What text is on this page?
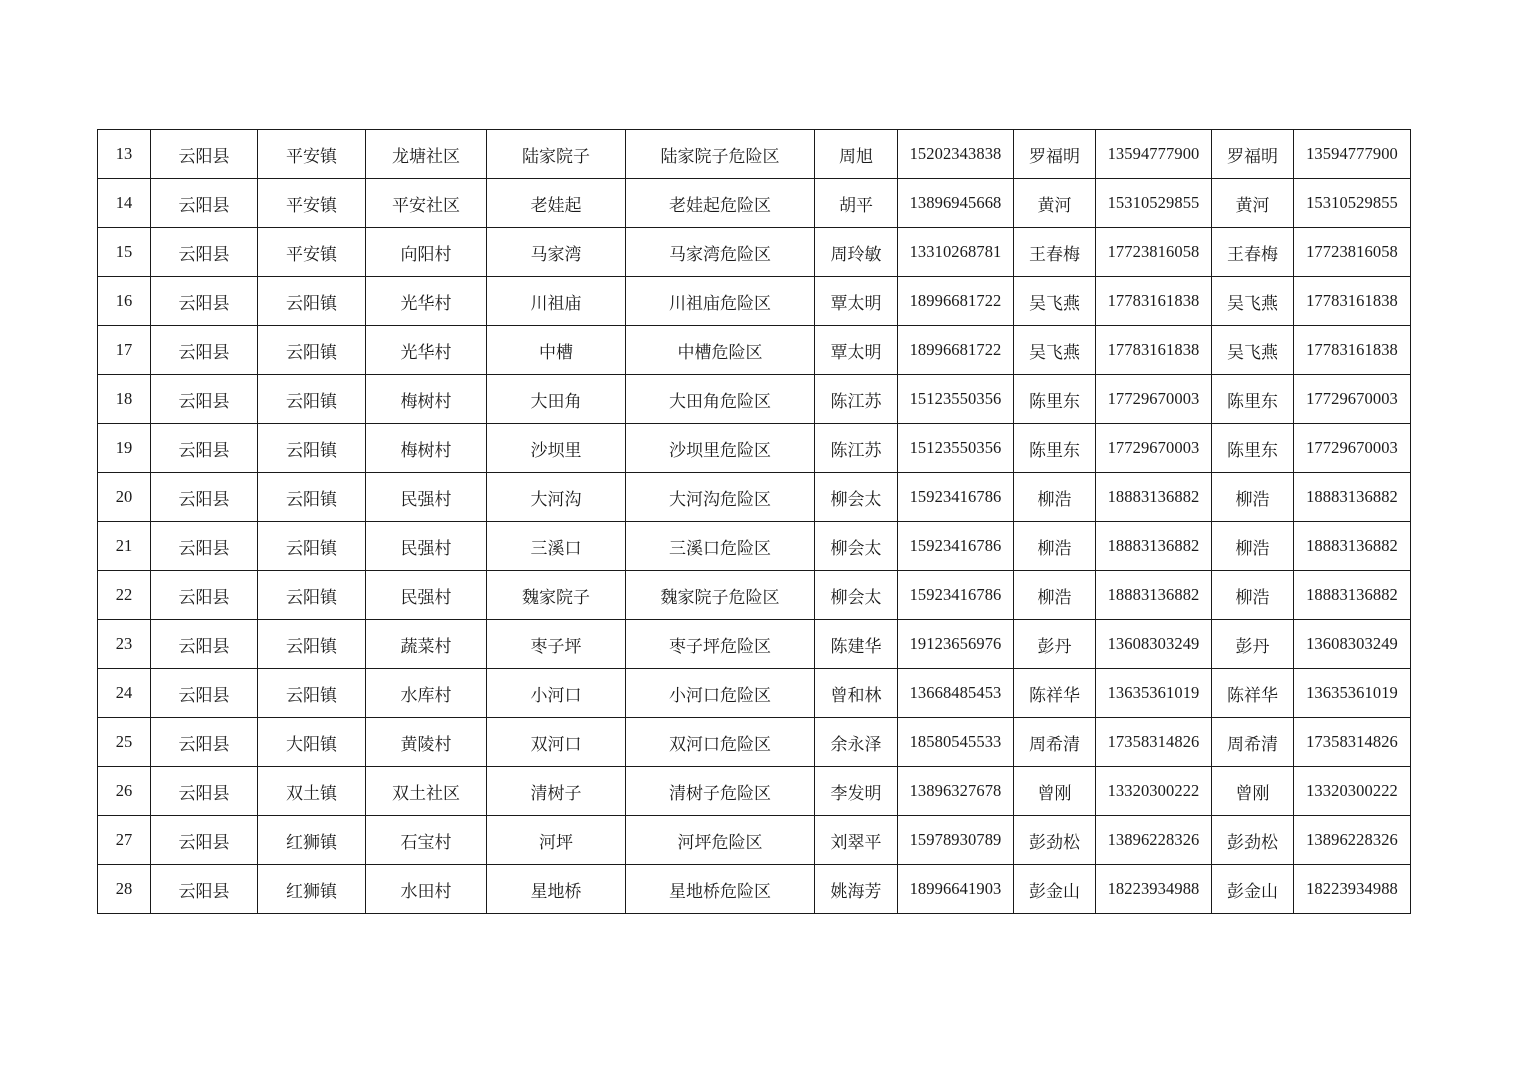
13	云阳县	平安镇	龙塘社区	陆家院子	陆家院子危险区	周旭	15202343838	罗福明	13594777900	罗福明	13594777900
14	云阳县	平安镇	平安社区	老娃起	老娃起危险区	胡平	13896945668	黄河	15310529855	黄河	15310529855
15	云阳县	平安镇	向阳村	马家湾	马家湾危险区	周玲敏	13310268781	王春梅	17723816058	王春梅	17723816058
16	云阳县	云阳镇	光华村	川祖庙	川祖庙危险区	覃太明	18996681722	吴飞燕	17783161838	吴飞燕	17783161838
17	云阳县	云阳镇	光华村	中槽	中槽危险区	覃太明	18996681722	吴飞燕	17783161838	吴飞燕	17783161838
18	云阳县	云阳镇	梅树村	大田角	大田角危险区	陈江苏	15123550356	陈里东	17729670003	陈里东	17729670003
19	云阳县	云阳镇	梅树村	沙坝里	沙坝里危险区	陈江苏	15123550356	陈里东	17729670003	陈里东	17729670003
20	云阳县	云阳镇	民强村	大河沟	大河沟危险区	柳会太	15923416786	柳浩	18883136882	柳浩	18883136882
21	云阳县	云阳镇	民强村	三溪口	三溪口危险区	柳会太	15923416786	柳浩	18883136882	柳浩	18883136882
22	云阳县	云阳镇	民强村	魏家院子	魏家院子危险区	柳会太	15923416786	柳浩	18883136882	柳浩	18883136882
23	云阳县	云阳镇	蔬菜村	枣子坪	枣子坪危险区	陈建华	19123656976	彭丹	13608303249	彭丹	13608303249
24	云阳县	云阳镇	水库村	小河口	小河口危险区	曾和林	13668485453	陈祥华	13635361019	陈祥华	13635361019
25	云阳县	大阳镇	黄陵村	双河口	双河口危险区	余永泽	18580545533	周希清	17358314826	周希清	17358314826
26	云阳县	双土镇	双土社区	清树子	清树子危险区	李发明	13896327678	曾刚	13320300222	曾刚	13320300222
27	云阳县	红狮镇	石宝村	河坪	河坪危险区	刘翠平	15978930789	彭劲松	13896228326	彭劲松	13896228326
28	云阳县	红狮镇	水田村	星地桥	星地桥危险区	姚海芳	18996641903	彭金山	18223934988	彭金山	18223934988
